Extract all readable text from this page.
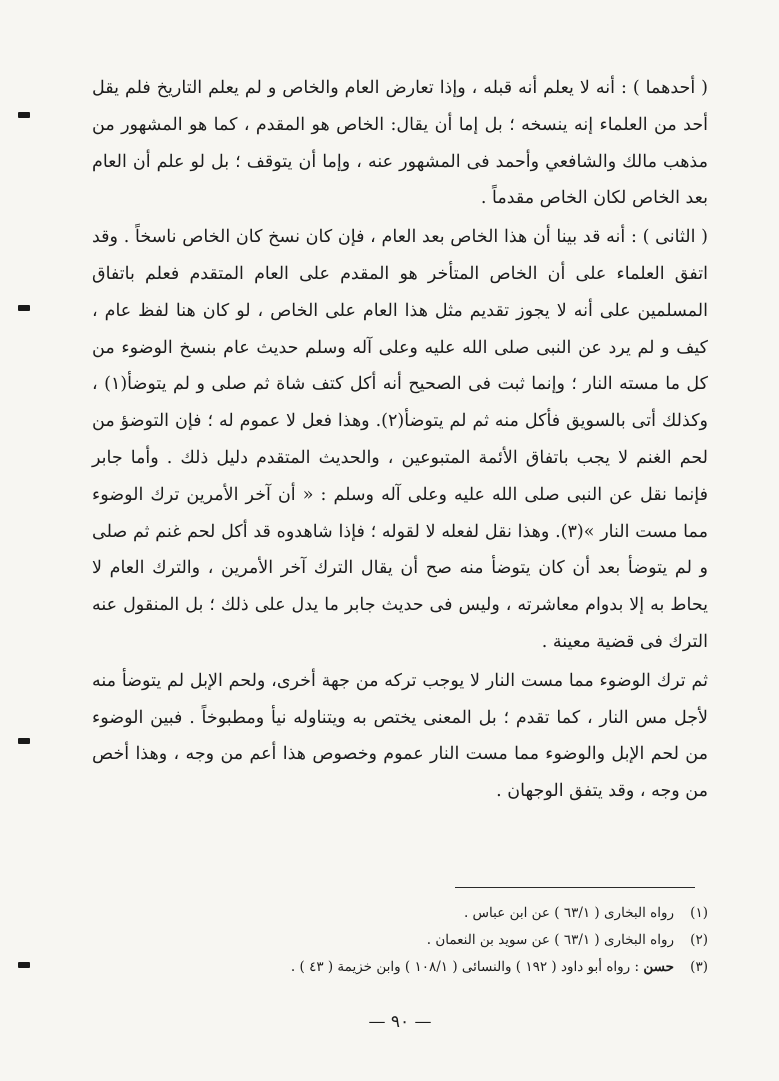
( أحدهما ) : أنه لا يعلم أنه قبله ، وإذا تعارض العام والخاص و لم يعلم التاريخ فلم يقل أحد من العلماء إنه ينسخه ؛ بل إما أن يقال: الخاص هو المقدم ، كما هو المشهور من مذهب مالك والشافعي وأحمد فى المشهور عنه ، وإما أن يتوقف ؛ بل لو علم أن العام بعد الخاص لكان الخاص مقدماً .

( الثانى ) : أنه قد بينا أن هذا الخاص بعد العام ، فإن كان نسخ كان الخاص ناسخاً . وقد اتفق العلماء على أن الخاص المتأخر هو المقدم على العام المتقدم فعلم باتفاق المسلمين على أنه لا يجوز تقديم مثل هذا العام على الخاص ، لو كان هنا لفظ عام ، كيف و لم يرد عن النبى صلى الله عليه وعلى آله وسلم حديث عام بنسخ الوضوء من كل ما مسته النار ؛ وإنما ثبت فى الصحيح أنه أكل كتف شاة ثم صلى و لم يتوضأ(١) ، وكذلك أتى بالسويق فأكل منه ثم لم يتوضأ(٢). وهذا فعل لا عموم له ؛ فإن التوضؤ من لحم الغنم لا يجب باتفاق الأئمة المتبوعين ، والحديث المتقدم دليل ذلك . وأما جابر فإنما نقل عن النبى صلى الله عليه وعلى آله وسلم : « أن آخر الأمرين ترك الوضوء مما مست النار »(٣). وهذا نقل لفعله لا لقوله ؛ فإذا شاهدوه قد أكل لحم غنم ثم صلى و لم يتوضأ بعد أن كان يتوضأ منه صح أن يقال الترك آخر الأمرين ، والترك العام لا يحاط به إلا بدوام معاشرته ، وليس فى حديث جابر ما يدل على ذلك ؛ بل المنقول عنه الترك فى قضية معينة .

ثم ترك الوضوء مما مست النار لا يوجب تركه من جهة أخرى، ولحم الإبل لم يتوضأ منه لأجل مس النار ، كما تقدم ؛ بل المعنى يختص به ويتناوله نيأ ومطبوخاً . فبين الوضوء من لحم الإبل والوضوء مما مست النار عموم وخصوص هذا أعم من وجه ، وهذا أخص من وجه ، وقد يتفق الوجهان .

(١)رواه البخارى ( ٦٣/١ ) عن ابن عباس .
(٢)رواه البخارى ( ٦٣/١ ) عن سويد بن النعمان .
(٣)حسن : رواه أبو داود ( ١٩٢ ) والنسائى ( ١٠٨/١ ) وابن خزيمة ( ٤٣ ) .
— ٩٠ —
